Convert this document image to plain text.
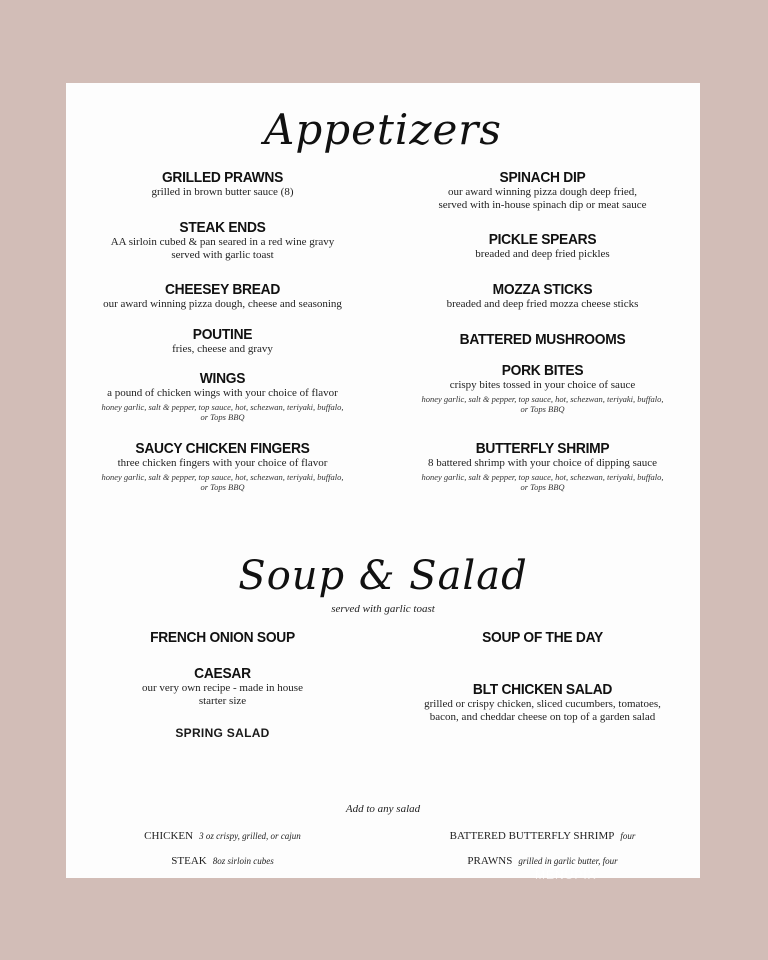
Appetizers
GRILLED PRAWNS
grilled in brown butter sauce (8)
STEAK ENDS
AA sirloin cubed & pan seared in a red wine gravy
served with garlic toast
CHEESEY BREAD
our award winning pizza dough, cheese and seasoning
POUTINE
fries, cheese and gravy
WINGS
a pound of chicken wings with your choice of flavor
honey garlic, salt & pepper, top sauce, hot, schezwan, teriyaki, buffalo,
or Tops BBQ
SAUCY CHICKEN FINGERS
three chicken fingers with your choice of flavor
honey garlic, salt & pepper, top sauce, hot, schezwan, teriyaki, buffalo,
or Tops BBQ
SPINACH DIP
our award winning pizza dough deep fried,
served with in-house spinach dip or meat sauce
PICKLE SPEARS
breaded and deep fried pickles
MOZZA STICKS
breaded and deep fried mozza cheese sticks
BATTERED MUSHROOMS
PORK BITES
crispy bites tossed in your choice of sauce
honey garlic, salt & pepper, top sauce, hot, schezwan, teriyaki, buffalo,
or Tops BBQ
BUTTERFLY SHRIMP
8 battered shrimp with your choice of dipping sauce
honey garlic, salt & pepper, top sauce, hot, schezwan, teriyaki, buffalo,
or Tops BBQ
Soup & Salad
served with garlic toast
FRENCH ONION SOUP
CAESAR
our very own recipe - made in house
starter size
SPRING SALAD
SOUP OF THE DAY
BLT CHICKEN SALAD
grilled or crispy chicken, sliced cucumbers, tomatoes,
bacon, and cheddar cheese on top of a garden salad
Add to any salad
CHICKEN 3 oz crispy, grilled, or cajun
STEAK 8oz sirloin cubes
BATTERED BUTTERFLY SHRIMP four
PRAWNS grilled in garlic butter, four
MENUPIX
